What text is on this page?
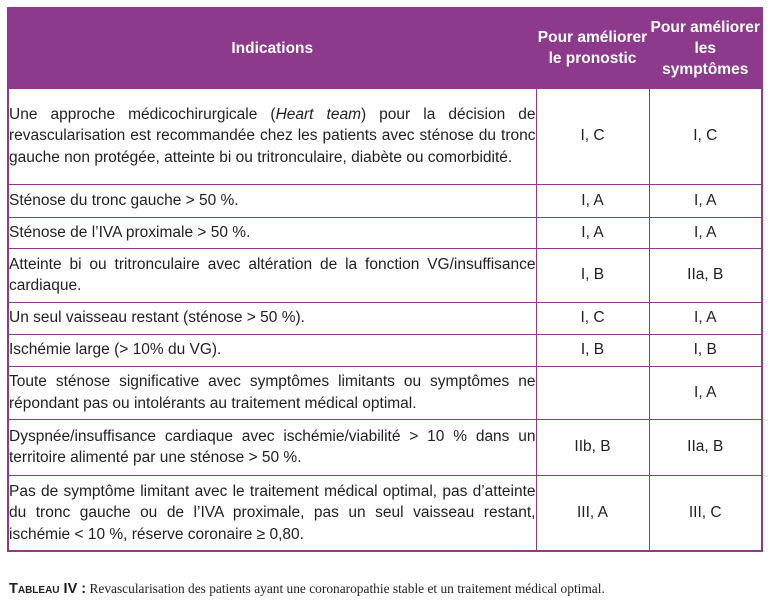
Indications	Pour améliorer le pronostic	Pour améliorer les symptômes
Une approche médicochirurgicale (Heart team) pour la décision de revascularisation est recommandée chez les patients avec sténose du tronc gauche non protégée, atteinte bi ou tritronculaire, diabète ou comorbidité.	I, C	I, C
Sténose du tronc gauche > 50 %.	I, A	I, A
Sténose de l’IVA proximale > 50 %.	I, A	I, A
Atteinte bi ou tritronculaire avec altération de la fonction VG/insuffisance cardiaque.	I, B	IIa, B
Un seul vaisseau restant (sténose > 50 %).	I, C	I, A
Ischémie large (> 10% du VG).	I, B	I, B
Toute sténose significative avec symptômes limitants ou symptômes ne répondant pas ou intolérants au traitement médical optimal.		I, A
Dyspnée/insuffisance cardiaque avec ischémie/viabilité > 10 % dans un territoire alimenté par une sténose > 50 %.	IIb, B	IIa, B
Pas de symptôme limitant avec le traitement médical optimal, pas d’atteinte du tronc gauche ou de l’IVA proximale, pas un seul vaisseau restant, ischémie < 10 %, réserve coronaire ≥ 0,80.	III, A	III, C
Tableau IV : Revascularisation des patients ayant une coronaropathie stable et un traitement médical optimal.
